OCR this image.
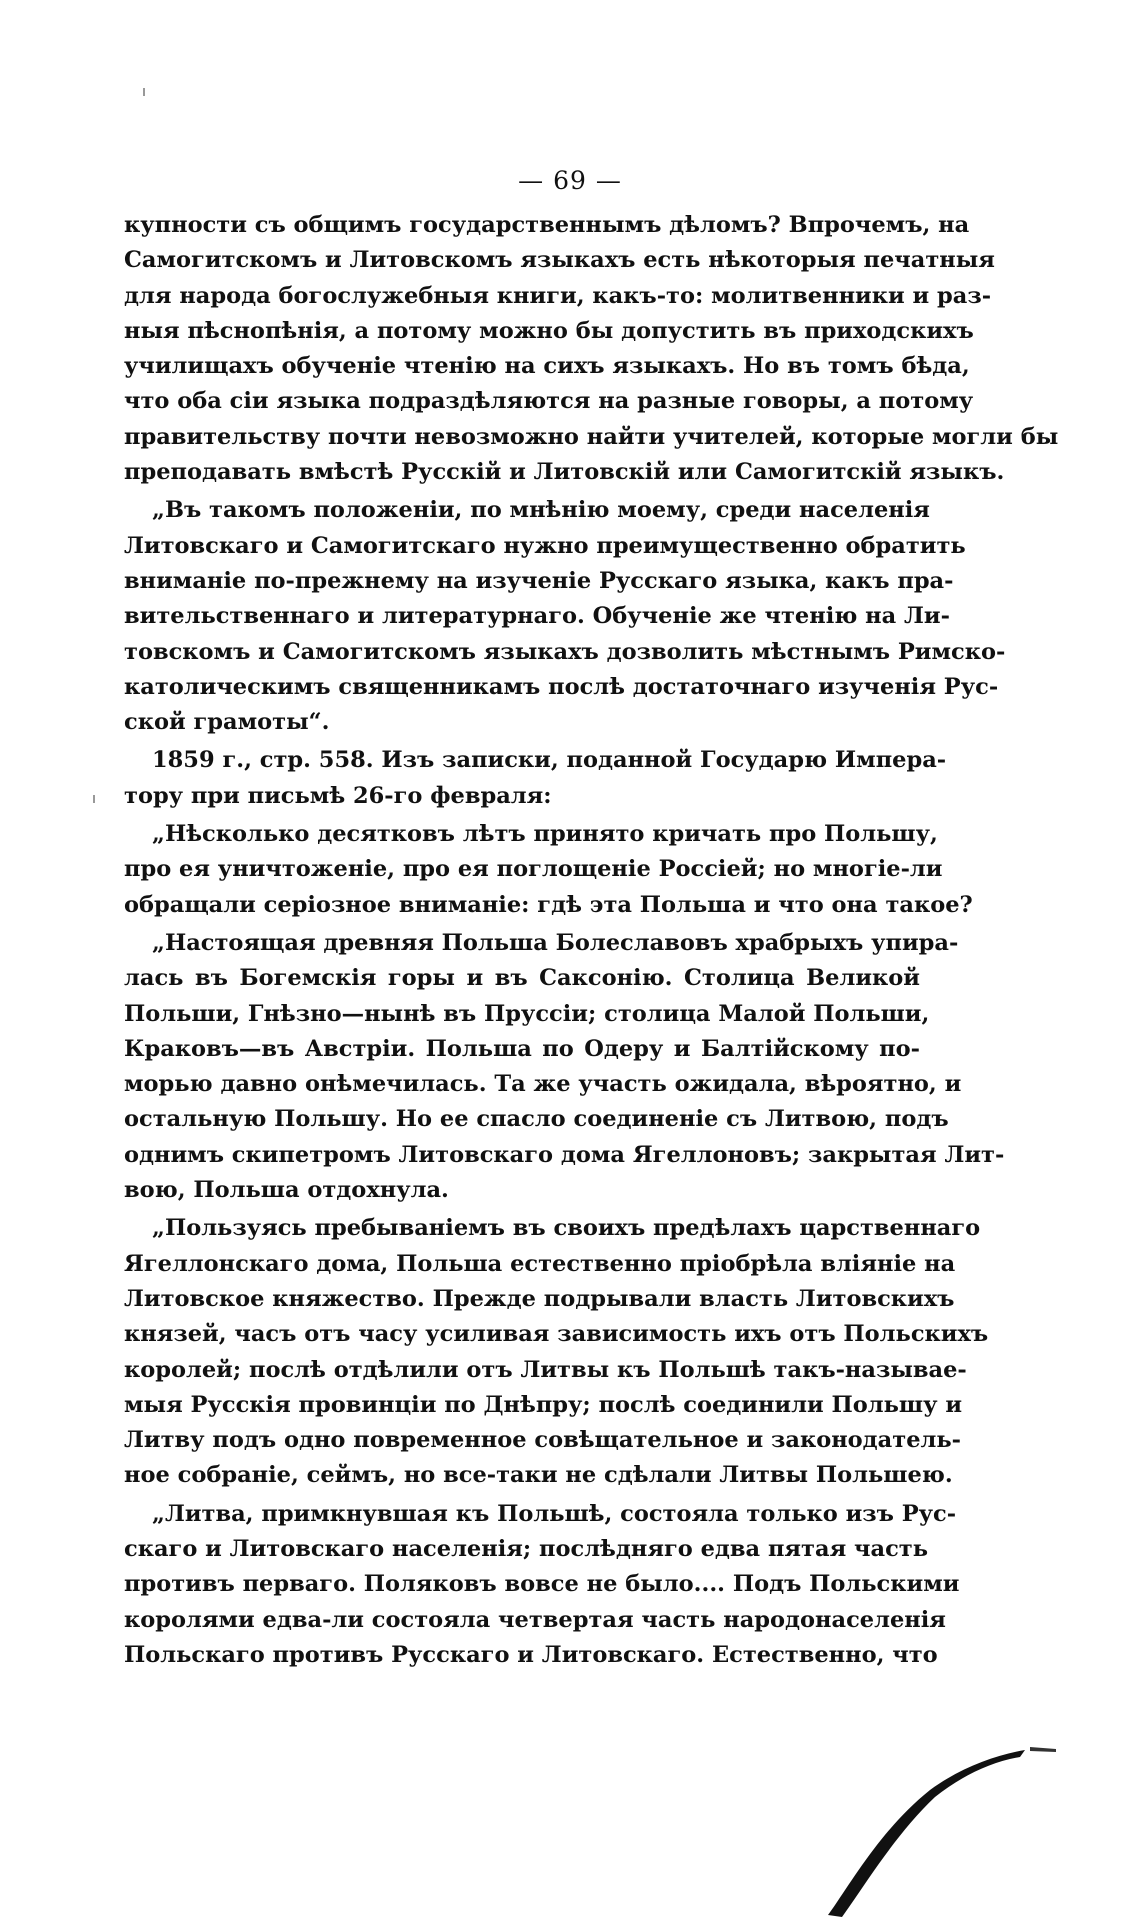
— 69 —
купности съ общимъ государственнымъ дѣломъ? Впрочемъ, на
Самогитскомъ и Литовскомъ языкахъ есть нѣкоторыя печатныя
для народа богослужебныя книги, какъ-то: молитвенники и раз-
ныя пѣснопѣнія, а потому можно бы допустить въ приходскихъ
училищахъ обученіе чтенію на сихъ языкахъ. Но въ томъ бѣда,
что оба сіи языка подраздѣляются на разные говоры, а потому
правительству почти невозможно найти учителей, которые могли бы
преподавать вмѣстѣ Русскій и Литовскій или Самогитскій языкъ.
„Въ такомъ положеніи, по мнѣнію моему, среди населенія
Литовскаго и Самогитскаго нужно преимущественно обратить
вниманіе по-прежнему на изученіе Русскаго языка, какъ пра-
вительственнаго и литературнаго. Обученіе же чтенію на Ли-
товскомъ и Самогитскомъ языкахъ дозволить мѣстнымъ Римско-
католическимъ священникамъ послѣ достаточнаго изученія Рус-
ской грамоты“.
1859 г., стр. 558. Изъ записки, поданной Государю Импера-
тору при письмѣ 26-го февраля:
„Нѣсколько десятковъ лѣтъ принято кричать про Польшу,
про ея уничтоженіе, про ея поглощеніе Россіей; но многіе-ли
обращали серіозное вниманіе: гдѣ эта Польша и что она такое?
„Настоящая древняя Польша Болеславовъ храбрыхъ упира-
лась въ Богемскія горы и въ Саксонію. Столица Великой
Польши, Гнѣзно—нынѣ въ Пруссіи; столица Малой Польши,
Краковъ—въ Австріи. Польша по Одеру и Балтійскому по-
морью давно онѣмечилась. Та же участь ожидала, вѣроятно, и
остальную Польшу. Но ее спасло соединеніе съ Литвою, подъ
однимъ скипетромъ Литовскаго дома Ягеллоновъ; закрытая Лит-
вою, Польша отдохнула.
„Пользуясь пребываніемъ въ своихъ предѣлахъ царственнаго
Ягеллонскаго дома, Польша естественно пріобрѣла вліяніе на
Литовское княжество. Прежде подрывали власть Литовскихъ
князей, часъ отъ часу усиливая зависимость ихъ отъ Польскихъ
королей; послѣ отдѣлили отъ Литвы къ Польшѣ такъ-называе-
мыя Русскія провинціи по Днѣпру; послѣ соединили Польшу и
Литву подъ одно повременное совѣщательное и законодатель-
ное собраніе, сеймъ, но все-таки не сдѣлали Литвы Польшею.
„Литва, примкнувшая къ Польшѣ, состояла только изъ Рус-
скаго и Литовскаго населенія; послѣдняго едва пятая часть
противъ перваго. Поляковъ вовсе не было.... Подъ Польскими
королями едва-ли состояла четвертая часть народонаселенія
Польскаго противъ Русскаго и Литовскаго. Естественно, что
